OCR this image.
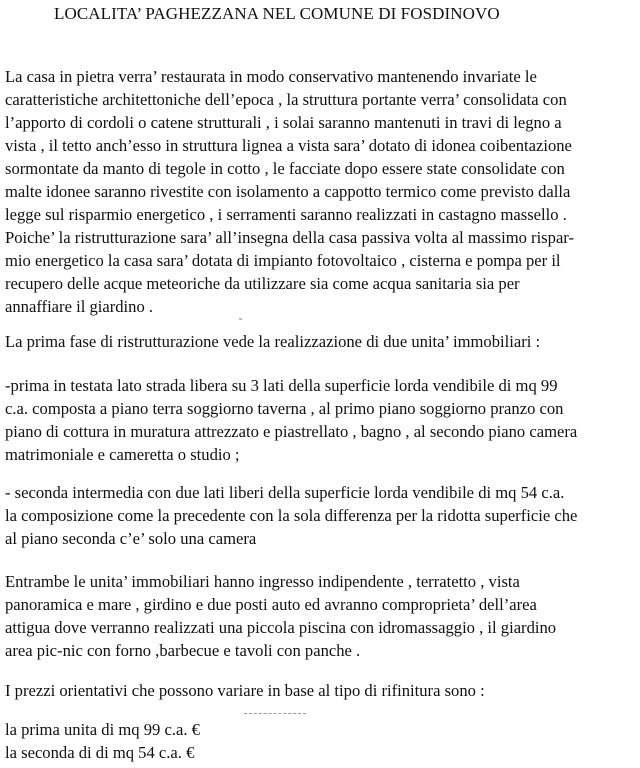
LOCALITA’ PAGHEZZANA NEL COMUNE DI FOSDINOVO
La casa in pietra verra’ restaurata in modo conservativo mantenendo invariate le
caratteristiche architettoniche dell’epoca , la struttura portante verra’ consolidata con
l’apporto di cordoli o catene strutturali , i solai saranno mantenuti in travi di legno a
vista , il tetto anch’esso in struttura lignea a vista sara’ dotato di idonea coibentazione
sormontate da manto di tegole in cotto , le facciate dopo essere state consolidate con
malte idonee saranno rivestite con isolamento a cappotto termico come previsto dalla
legge sul risparmio energetico , i serramenti saranno realizzati in castagno massello .
Poiche’ la ristrutturazione sara’ all’insegna della casa passiva volta al massimo rispar-
mio energetico la casa sara’ dotata di impianto fotovoltaico , cisterna e pompa per il
recupero delle acque meteoriche da utilizzare sia come acqua sanitaria sia per
annaffiare il giardino .
La prima fase di ristrutturazione vede la realizzazione di due unita’ immobiliari :
-prima in testata lato strada libera su 3 lati della superficie lorda vendibile di mq 99
c.a. composta a piano terra soggiorno taverna , al primo piano soggiorno pranzo con
piano di cottura in muratura attrezzato e piastrellato , bagno , al secondo piano camera
matrimoniale e cameretta o studio ;
- seconda intermedia con due lati liberi della superficie lorda vendibile di mq 54 c.a.
la composizione come la precedente con la sola differenza per la ridotta superficie che
al piano seconda c’e’ solo una camera
Entrambe le unita’ immobiliari hanno ingresso indipendente , terratetto , vista
panoramica e mare , girdino e due posti auto ed avranno comproprieta’ dell’area
attigua dove verranno realizzati una piccola piscina con idromassaggio , il giardino
area pic-nic con forno ,barbecue e tavoli con panche .
I prezzi orientativi che possono variare in base al tipo di rifinitura sono :
la prima unita di mq 99 c.a. €
la seconda di di mq 54 c.a. €
